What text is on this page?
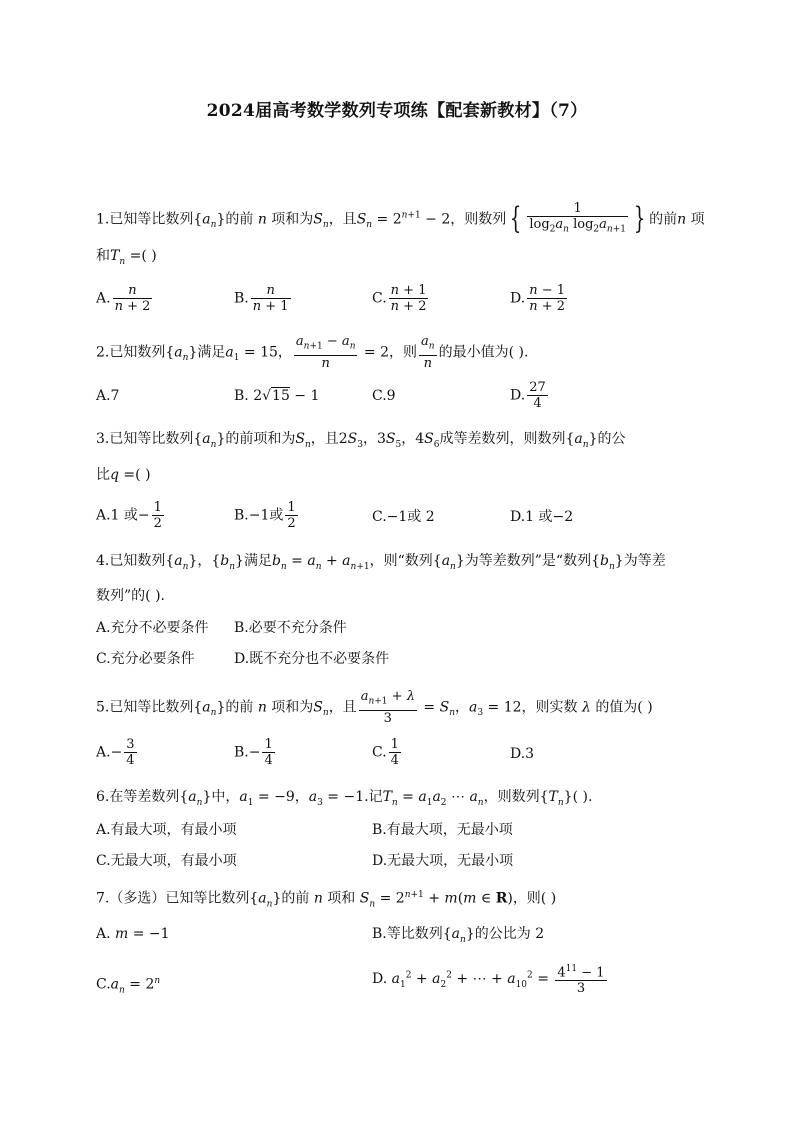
2024届高考数学数列专项练【配套新教材】（7）
1.已知等比数列$\{a_n\}$的前 n 项和为$S_n$，且$S_n = 2^{n+1} - 2$，则数列 { $\frac{1}{\log_2a_n \log_2a_{n+1}}$ } 的前n 项
和$T_n$ =( )
A. $\frac{n}{n + 2}$	B. $\frac{n}{n + 1}$	C. $\frac{n + 1}{n + 2}$	D. $\frac{n - 1}{n + 2}$
2.已知数列$\{a_n\}$满足$a_1 = 15$， $\frac{a_{n+1} - a_n}{n} = 2$，则 $\frac{a_n}{n}$ 的最小值为( ).
A.7	B. 2√15 − 1	C.9	D. $\frac{27}{4}$
3.已知等比数列$\{a_n\}$的前项和为$S_n$，且$2S_3$，$3S_5$，$4S_6$成等差数列，则数列$\{a_n\}$的公
比q =( )
A.1 或− $\frac{1}{2}$	B.−1或 $\frac{1}{2}$	C.−1或 2	D.1 或−2
4.已知数列$\{a_n\}$，$\{b_n\}$满足$b_n = a_n + a_{n+1}$，则“数列$\{a_n\}$为等差数列”是“数列$\{b_n\}$为等差
数列”的( ).
A.充分不必要条件 B.必要不充分条件
C.充分必要条件	D.既不充分也不必要条件
5.已知等比数列$\{a_n\}$的前 n 项和为$S_n$，且 $\frac{a_{n+1} + \lambda}{3} = S_n$，$a_3 = 12$，则实数 λ 的值为( )
$A.- \frac{3}{4}$	$B.- \frac{1}{4}$	C. $\frac{1}{4}$	D.3
6.在等差数列$\{a_n\}$中，$a_1 = -9$，$a_3 = -1$.记$T_n = a_1a_2$ ⋯ $a_n$，则数列$\{T_n\}$( ).
A.有最大项，有最小项	B.有最大项，无最小项
C.无最大项，有最小项	D.无最大项，无最小项
7.（多选）已知等比数列$\{a_n\}$的前 n 项和 $S_n = 2^{n+1} + m(m$ ∈ R)，则( )
A. m = −1	B.等比数列$\{a_n\}$的公比为 2
$C.a_n = 2^n$	D. $a_1^2 + a_2^2$ + ⋯ + $a_{10}^2 = \frac{4^{11} - 1}{3}$
